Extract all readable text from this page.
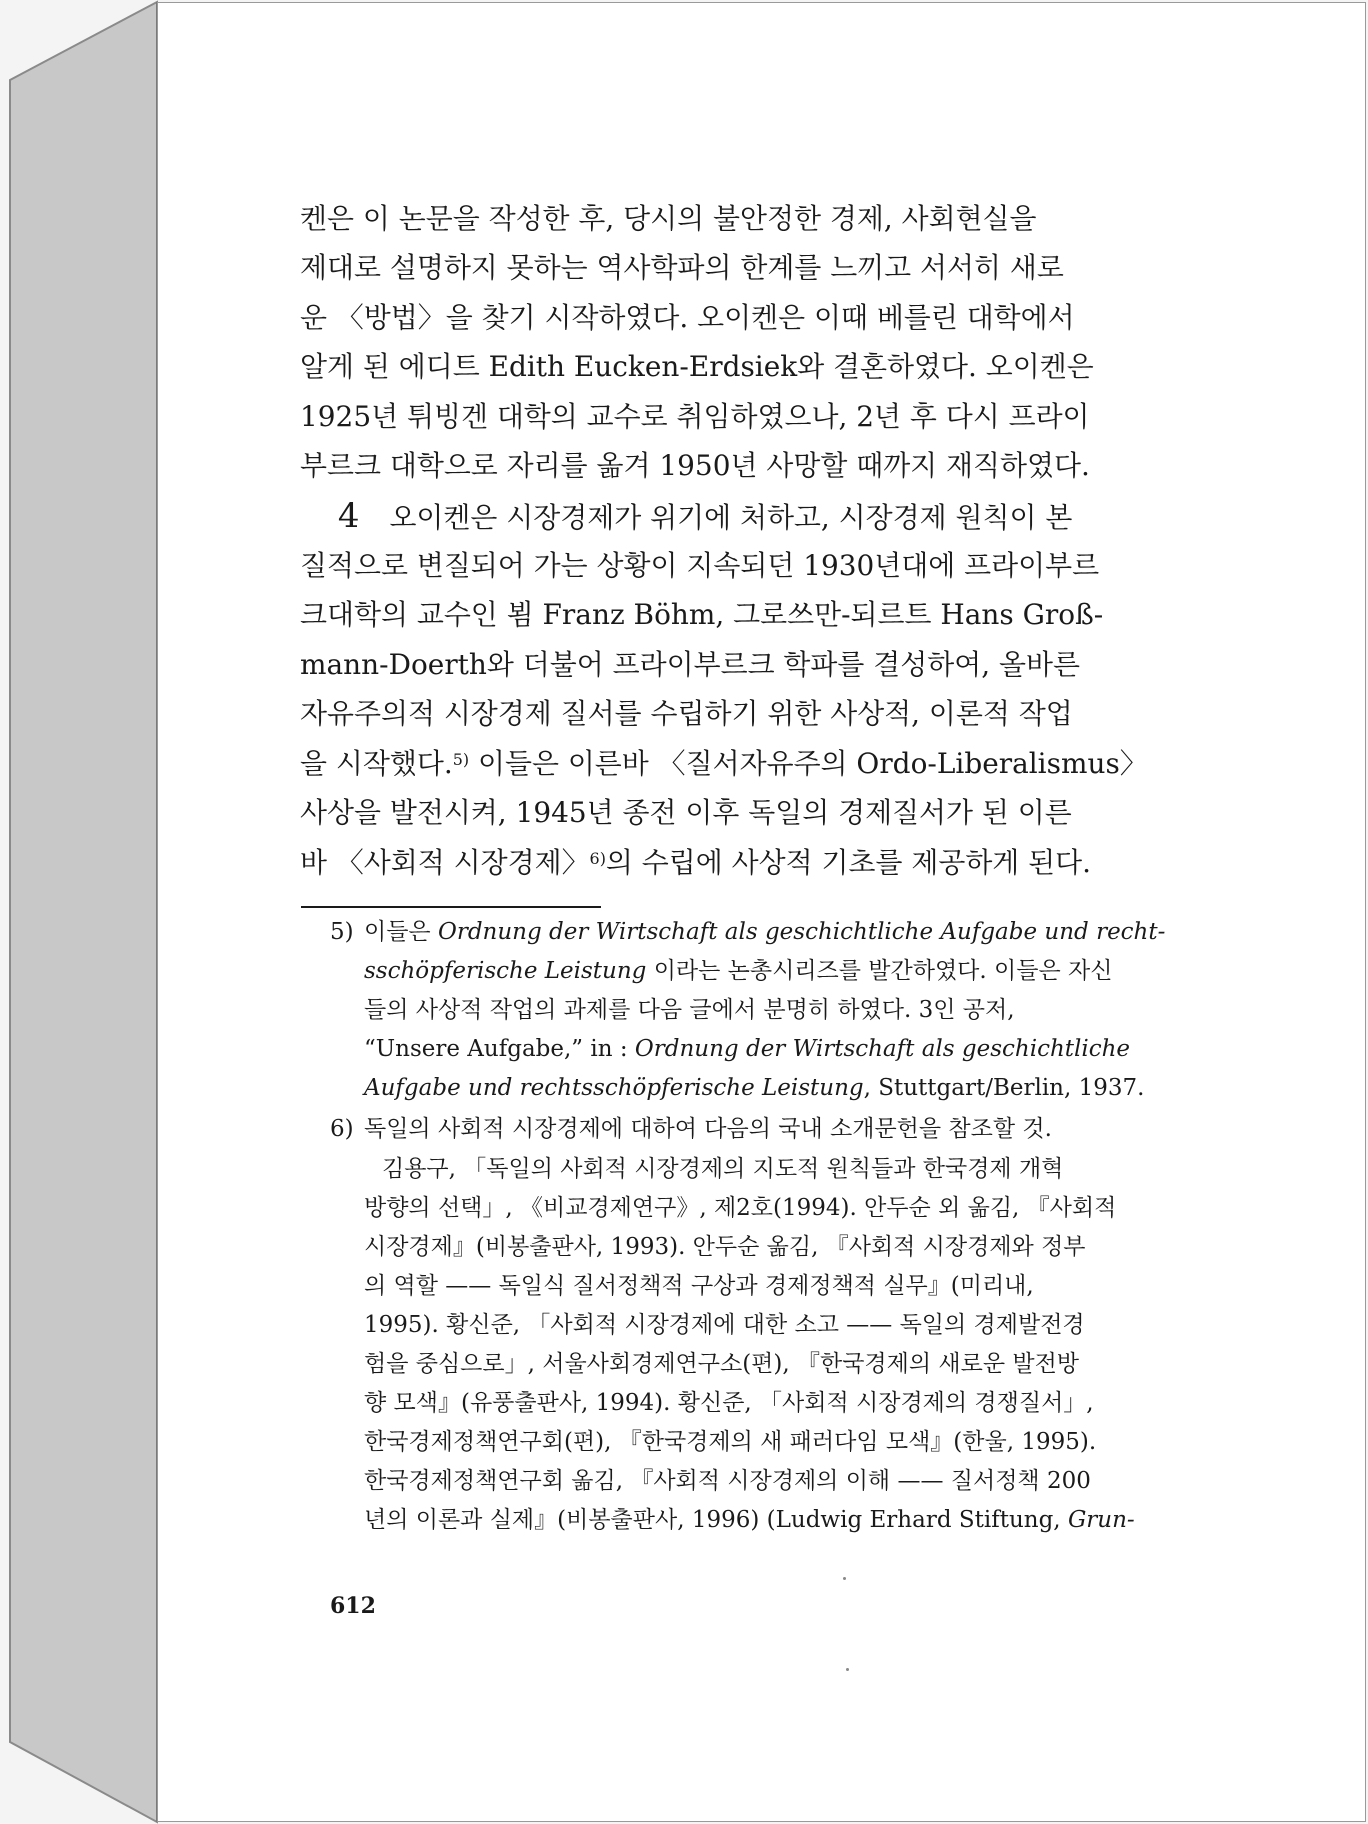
켄은 이 논문을 작성한 후, 당시의 불안정한 경제, 사회현실을
제대로 설명하지 못하는 역사학파의 한계를 느끼고 서서히 새로
운 〈방법〉을 찾기 시작하였다. 오이켄은 이때 베를린 대학에서
알게 된 에디트 Edith Eucken-Erdsiek와 결혼하였다. 오이켄은
1925년 튀빙겐 대학의 교수로 취임하였으나, 2년 후 다시 프라이
부르크 대학으로 자리를 옮겨 1950년 사망할 때까지 재직하였다.
4 오이켄은 시장경제가 위기에 처하고, 시장경제 원칙이 본
질적으로 변질되어 가는 상황이 지속되던 1930년대에 프라이부르
크대학의 교수인 뵘 Franz Böhm, 그로쓰만-되르트 Hans Groß-
mann-Doerth와 더불어 프라이부르크 학파를 결성하여, 올바른
자유주의적 시장경제 질서를 수립하기 위한 사상적, 이론적 작업
을 시작했다.$^{5)}$ 이들은 이른바 〈질서자유주의 Ordo-Liberalismus〉
사상을 발전시켜, 1945년 종전 이후 독일의 경제질서가 된 이른
바 〈사회적 시장경제〉$^{6)}$의 수립에 사상적 기초를 제공하게 된다.
5) 이들은 Ordnung der Wirtschaft als geschichtliche Aufgabe und recht-
sschöpferische Leistung 이라는 논총시리즈를 발간하였다. 이들은 자신
들의 사상적 작업의 과제를 다음 글에서 분명히 하였다. 3인 공저,
“Unsere Aufgabe,” in : Ordnung der Wirtschaft als geschichtliche
Aufgabe und rechtsschöpferische Leistung, Stuttgart/Berlin, 1937.
6) 독일의 사회적 시장경제에 대하여 다음의 국내 소개문헌을 참조할 것.
김용구, 「독일의 사회적 시장경제의 지도적 원칙들과 한국경제 개혁
방향의 선택」, 《비교경제연구》, 제2호(1994). 안두순 외 옮김, 『사회적
시장경제』(비봉출판사, 1993). 안두순 옮김, 『사회적 시장경제와 정부
의 역할 —— 독일식 질서정책적 구상과 경제정책적 실무』(미리내,
1995). 황신준, 「사회적 시장경제에 대한 소고 —— 독일의 경제발전경
험을 중심으로」, 서울사회경제연구소(편), 『한국경제의 새로운 발전방
향 모색』(유풍출판사, 1994). 황신준, 「사회적 시장경제의 경쟁질서」,
한국경제정책연구회(편), 『한국경제의 새 패러다임 모색』(한울, 1995).
한국경제정책연구회 옮김, 『사회적 시장경제의 이해 —— 질서정책 200
년의 이론과 실제』(비봉출판사, 1996) (Ludwig Erhard Stiftung, Grun-
612
